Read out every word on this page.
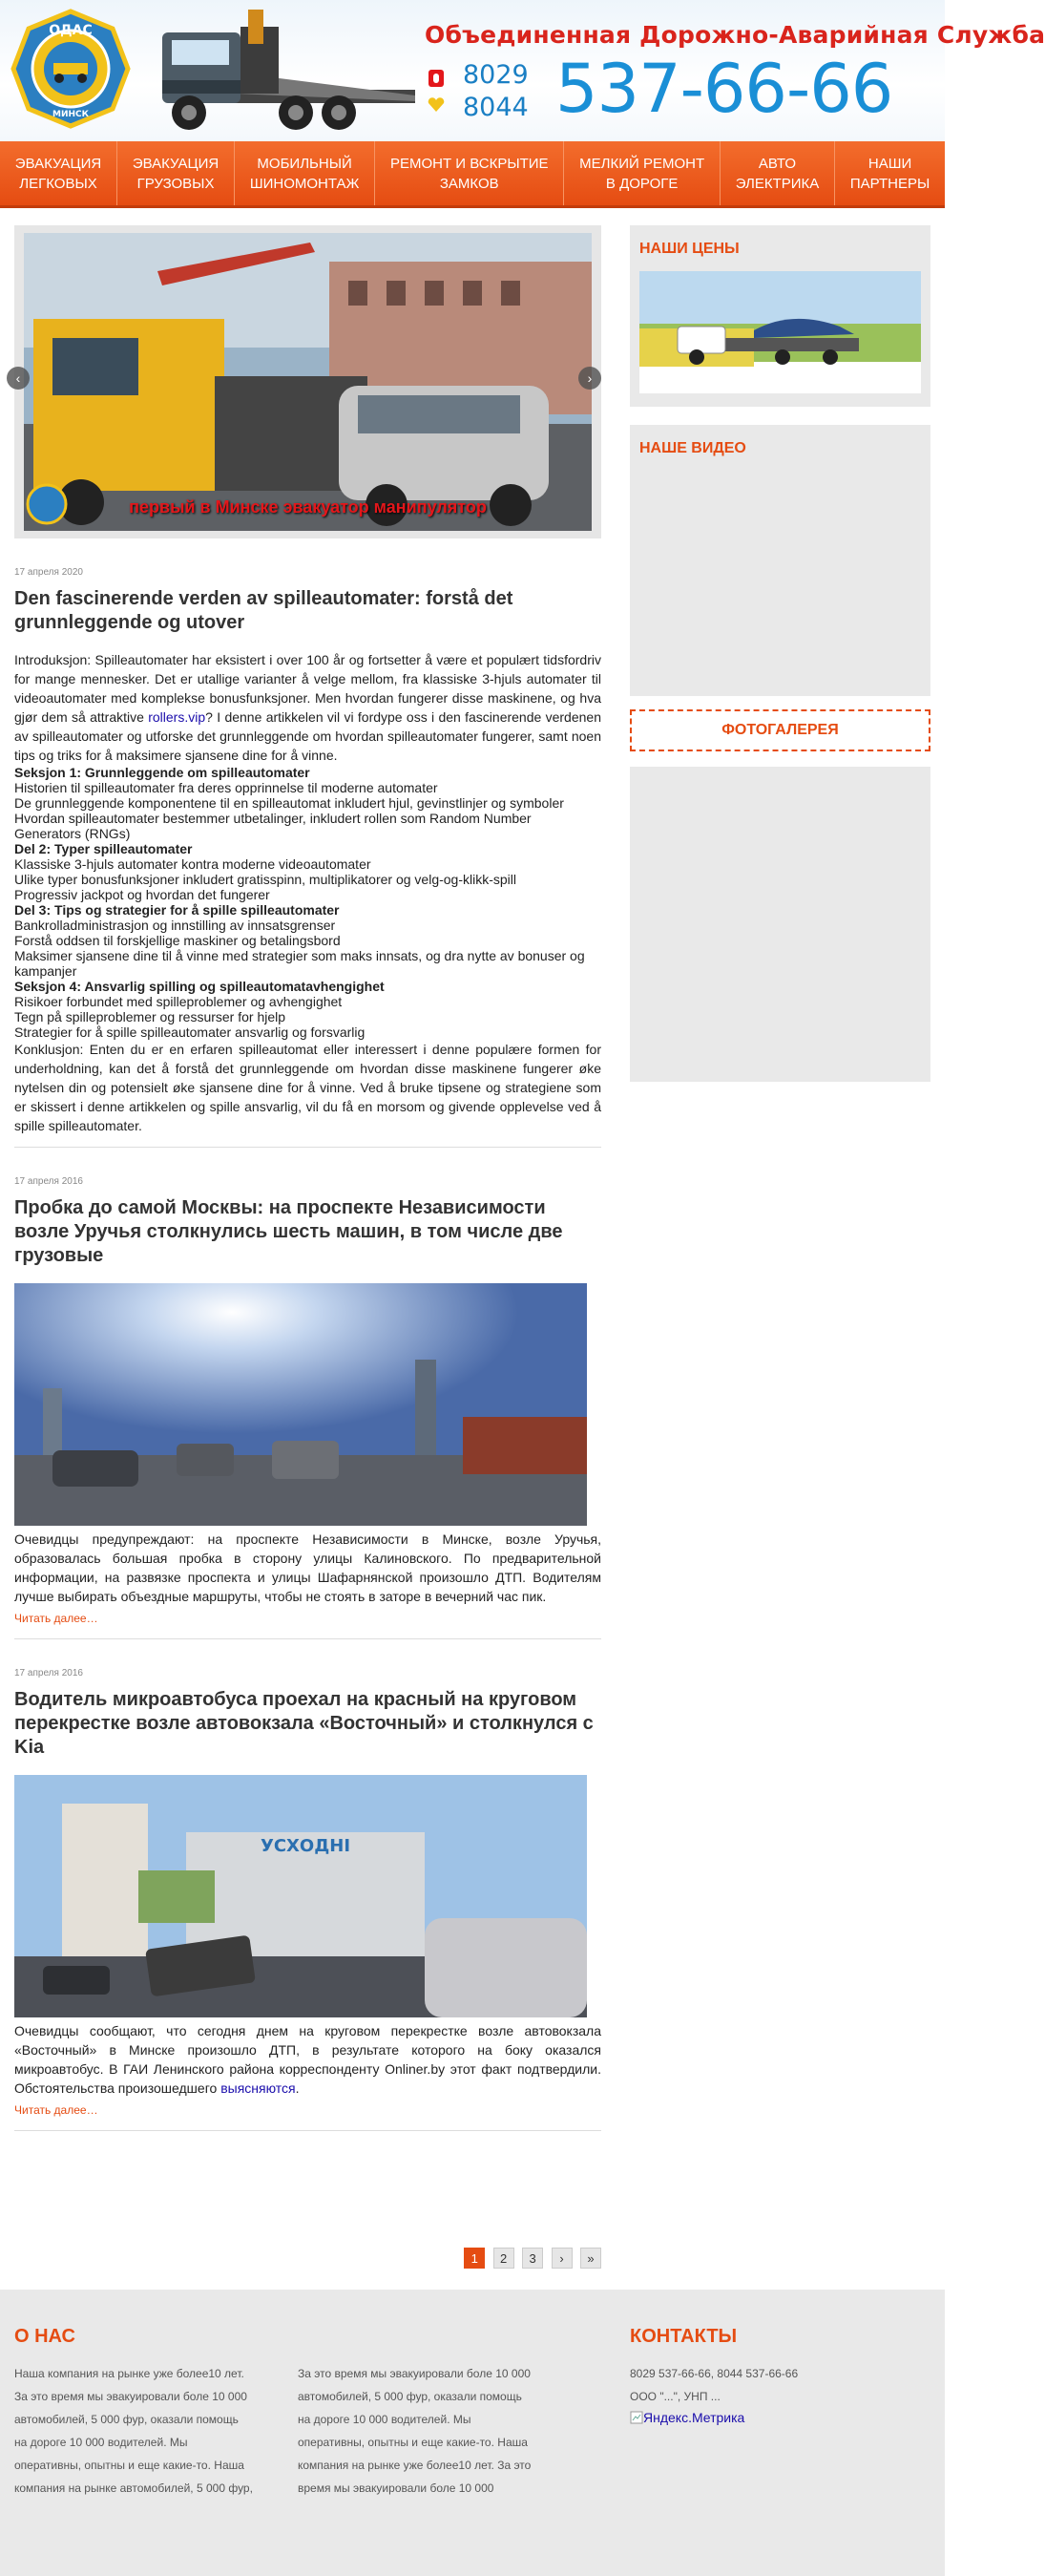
ОДАС
МИНСК
Объединенная Дорожно-Аварийная Служба
8029
8044 537-66-66
ЭВАКУАЦИЯ
ЛЕГКОВЫХ
ЭВАКУАЦИЯ
ГРУЗОВЫХ
МОБИЛЬНЫЙ
ШИНОМОНТАЖ
РЕМОНТ И ВСКРЫТИЕ
ЗАМКОВ
МЕЛКИЙ РЕМОНТ
В ДОРОГЕ
АВТО
ЭЛЕКТРИКА
НАШИ
ПАРТНЕРЫ
первый в Минске эвакуатор манипулятор
‹	›
17 апреля 2020
Den fascinerende verden av spilleautomater: forstå det grunnleggende og utover
Introduksjon: Spilleautomater har eksistert i over 100 år og fortsetter å være et populært tidsfordriv for mange mennesker. Det er utallige varianter å velge mellom, fra klassiske 3-hjuls automater til videoautomater med komplekse bonusfunksjoner. Men hvordan fungerer disse maskinene, og hva gjør dem så attraktive rollers.vip? I denne artikkelen vil vi fordype oss i den fascinerende verdenen av spilleautomater og utforske det grunnleggende om hvordan spilleautomater fungerer, samt noen tips og triks for å maksimere sjansene dine for å vinne.
Seksjon 1: Grunnleggende om spilleautomater
Historien til spilleautomater fra deres opprinnelse til moderne automater
De grunnleggende komponentene til en spilleautomat inkludert hjul, gevinstlinjer og symboler
Hvordan spilleautomater bestemmer utbetalinger, inkludert rollen som Random Number Generators (RNGs)
Del 2: Typer spilleautomater
Klassiske 3-hjuls automater kontra moderne videoautomater
Ulike typer bonusfunksjoner inkludert gratisspinn, multiplikatorer og velg-og-klikk-spill
Progressiv jackpot og hvordan det fungerer
Del 3: Tips og strategier for å spille spilleautomater
Bankrolladministrasjon og innstilling av innsatsgrenser
Forstå oddsen til forskjellige maskiner og betalingsbord
Maksimer sjansene dine til å vinne med strategier som maks innsats, og dra nytte av bonuser og kampanjer
Seksjon 4: Ansvarlig spilling og spilleautomatavhengighet
Risikoer forbundet med spilleproblemer og avhengighet
Tegn på spilleproblemer og ressurser for hjelp
Strategier for å spille spilleautomater ansvarlig og forsvarlig
Konklusjon: Enten du er en erfaren spilleautomat eller interessert i denne populære formen for underholdning, kan det å forstå det grunnleggende om hvordan disse maskinene fungerer øke nytelsen din og potensielt øke sjansene dine for å vinne. Ved å bruke tipsene og strategiene som er skissert i denne artikkelen og spille ansvarlig, vil du få en morsom og givende opplevelse ved å spille spilleautomater.
17 апреля 2016
Пробка до самой Москвы: на проспекте Независимости возле Уручья столкнулись шесть машин, в том числе две грузовые
Очевидцы предупреждают: на проспекте Независимости в Минске, возле Уручья, образовалась большая пробка в сторону улицы Калиновского. По предварительной информации, на развязке проспекта и улицы Шафарнянской произошло ДТП. Водителям лучше выбирать объездные маршруты, чтобы не стоять в заторе в вечерний час пик.
Читать далее…
17 апреля 2016
Водитель микроавтобуса проехал на красный на круговом перекрестке возле автовокзала «Восточный» и столкнулся с Kia
УСХОДНІ
Очевидцы сообщают, что сегодня днем на круговом перекрестке возле автовокзала «Восточный» в Минске произошло ДТП, в результате которого на боку оказался микроавтобус. В ГАИ Ленинского района корреспонденту Onliner.by этот факт подтвердили. Обстоятельства произошедшего выясняются.
Читать далее…
1 2 3 › »
НАШИ ЦЕНЫ
НАШЕ ВИДЕО
ФОТОГАЛЕРЕЯ
О НАС
Наша компания на рынке уже более10 лет. За это время мы эвакуировали боле 10 000 автомобилей, 5 000 фур, оказали помощь на дороге 10 000 водителей. Мы оперативны, опытны и еще какие-то. Наша компания на рынке автомобилей, 5 000 фур,
За это время мы эвакуировали боле 10 000 автомобилей, 5 000 фур, оказали помощь на дороге 10 000 водителей. Мы оперативны, опытны и еще какие-то. Наша компания на рынке уже более10 лет. За это время мы эвакуировали боле 10 000
КОНТАКТЫ
8029 537-66-66, 8044 537-66-66
ООО "...", УНП ...
Яндекс.Метрика
